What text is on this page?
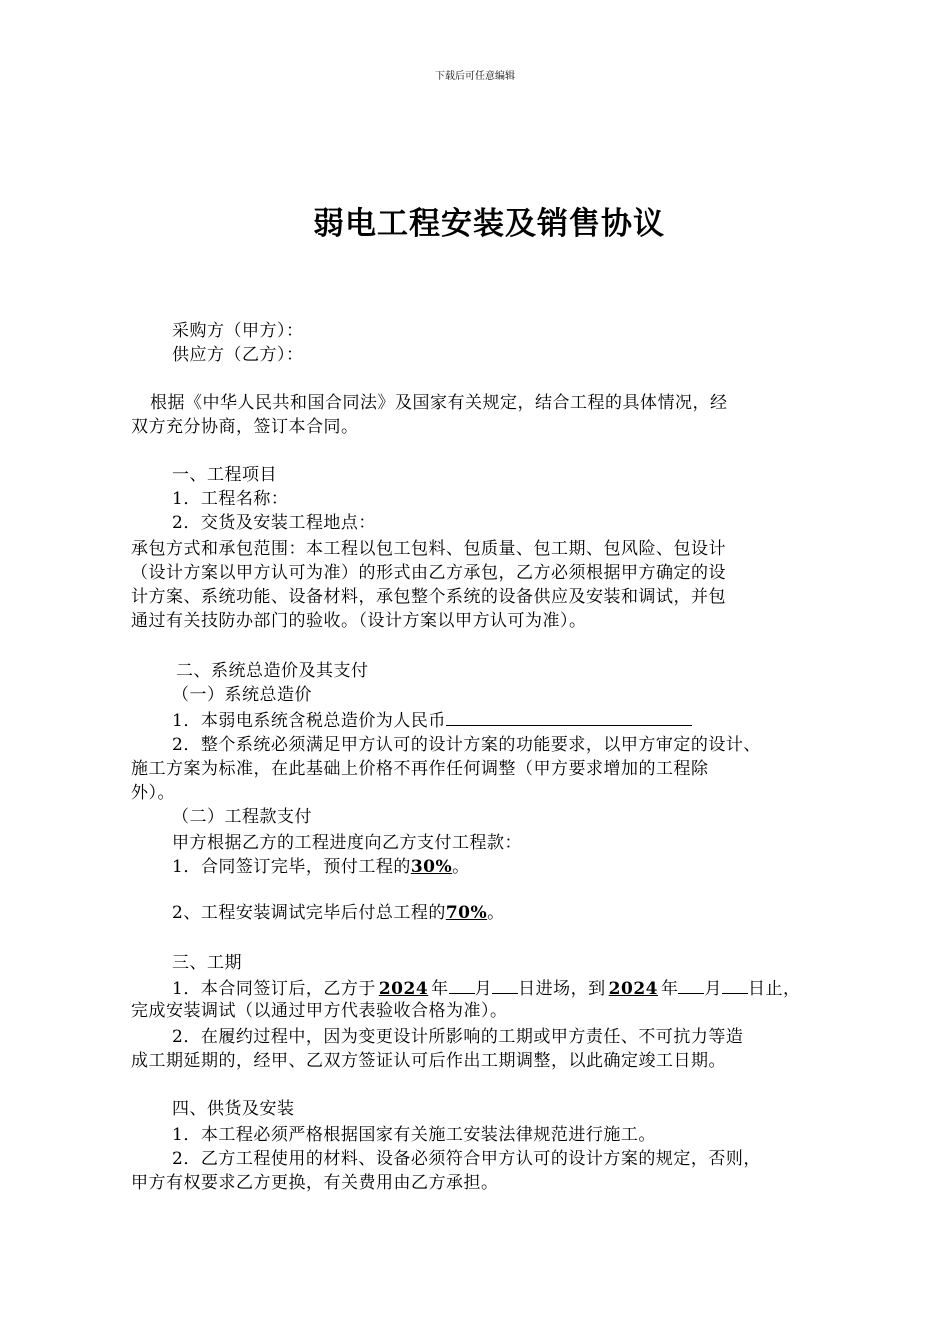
下载后可任意编辑
弱电工程安装及销售协议
采购方（甲方）：
供应方（乙方）：
根据《中华人民共和国合同法》及国家有关规定，结合工程的具体情况，经
双方充分协商，签订本合同。
一、工程项目
1．工程名称：
2．交货及安装工程地点：
承包方式和承包范围：本工程以包工包料、包质量、包工期、包风险、包设计
（设计方案以甲方认可为准）的形式由乙方承包，乙方必须根据甲方确定的设
计方案、系统功能、设备材料，承包整个系统的设备供应及安装和调试，并包
通过有关技防办部门的验收。（设计方案以甲方认可为准）。
二、系统总造价及其支付
（一）系统总造价
1．本弱电系统含税总造价为人民币
2．整个系统必须满足甲方认可的设计方案的功能要求，以甲方审定的设计、
施工方案为标准，在此基础上价格不再作任何调整（甲方要求增加的工程除
外）。
（二）工程款支付
甲方根据乙方的工程进度向乙方支付工程款：
1．合同签订完毕，预付工程的30%。
2、工程安装调试完毕后付总工程的70%。
三、工期
1．本合同签订后，乙方于 2024 年 月 日进场，到 2024 年 月 日止，
完成安装调试（以通过甲方代表验收合格为准）。
2．在履约过程中，因为变更设计所影响的工期或甲方责任、不可抗力等造
成工期延期的，经甲、乙双方签证认可后作出工期调整，以此确定竣工日期。
四、供货及安装
1．本工程必须严格根据国家有关施工安装法律规范进行施工。
2．乙方工程使用的材料、设备必须符合甲方认可的设计方案的规定，否则，
甲方有权要求乙方更换，有关费用由乙方承担。
